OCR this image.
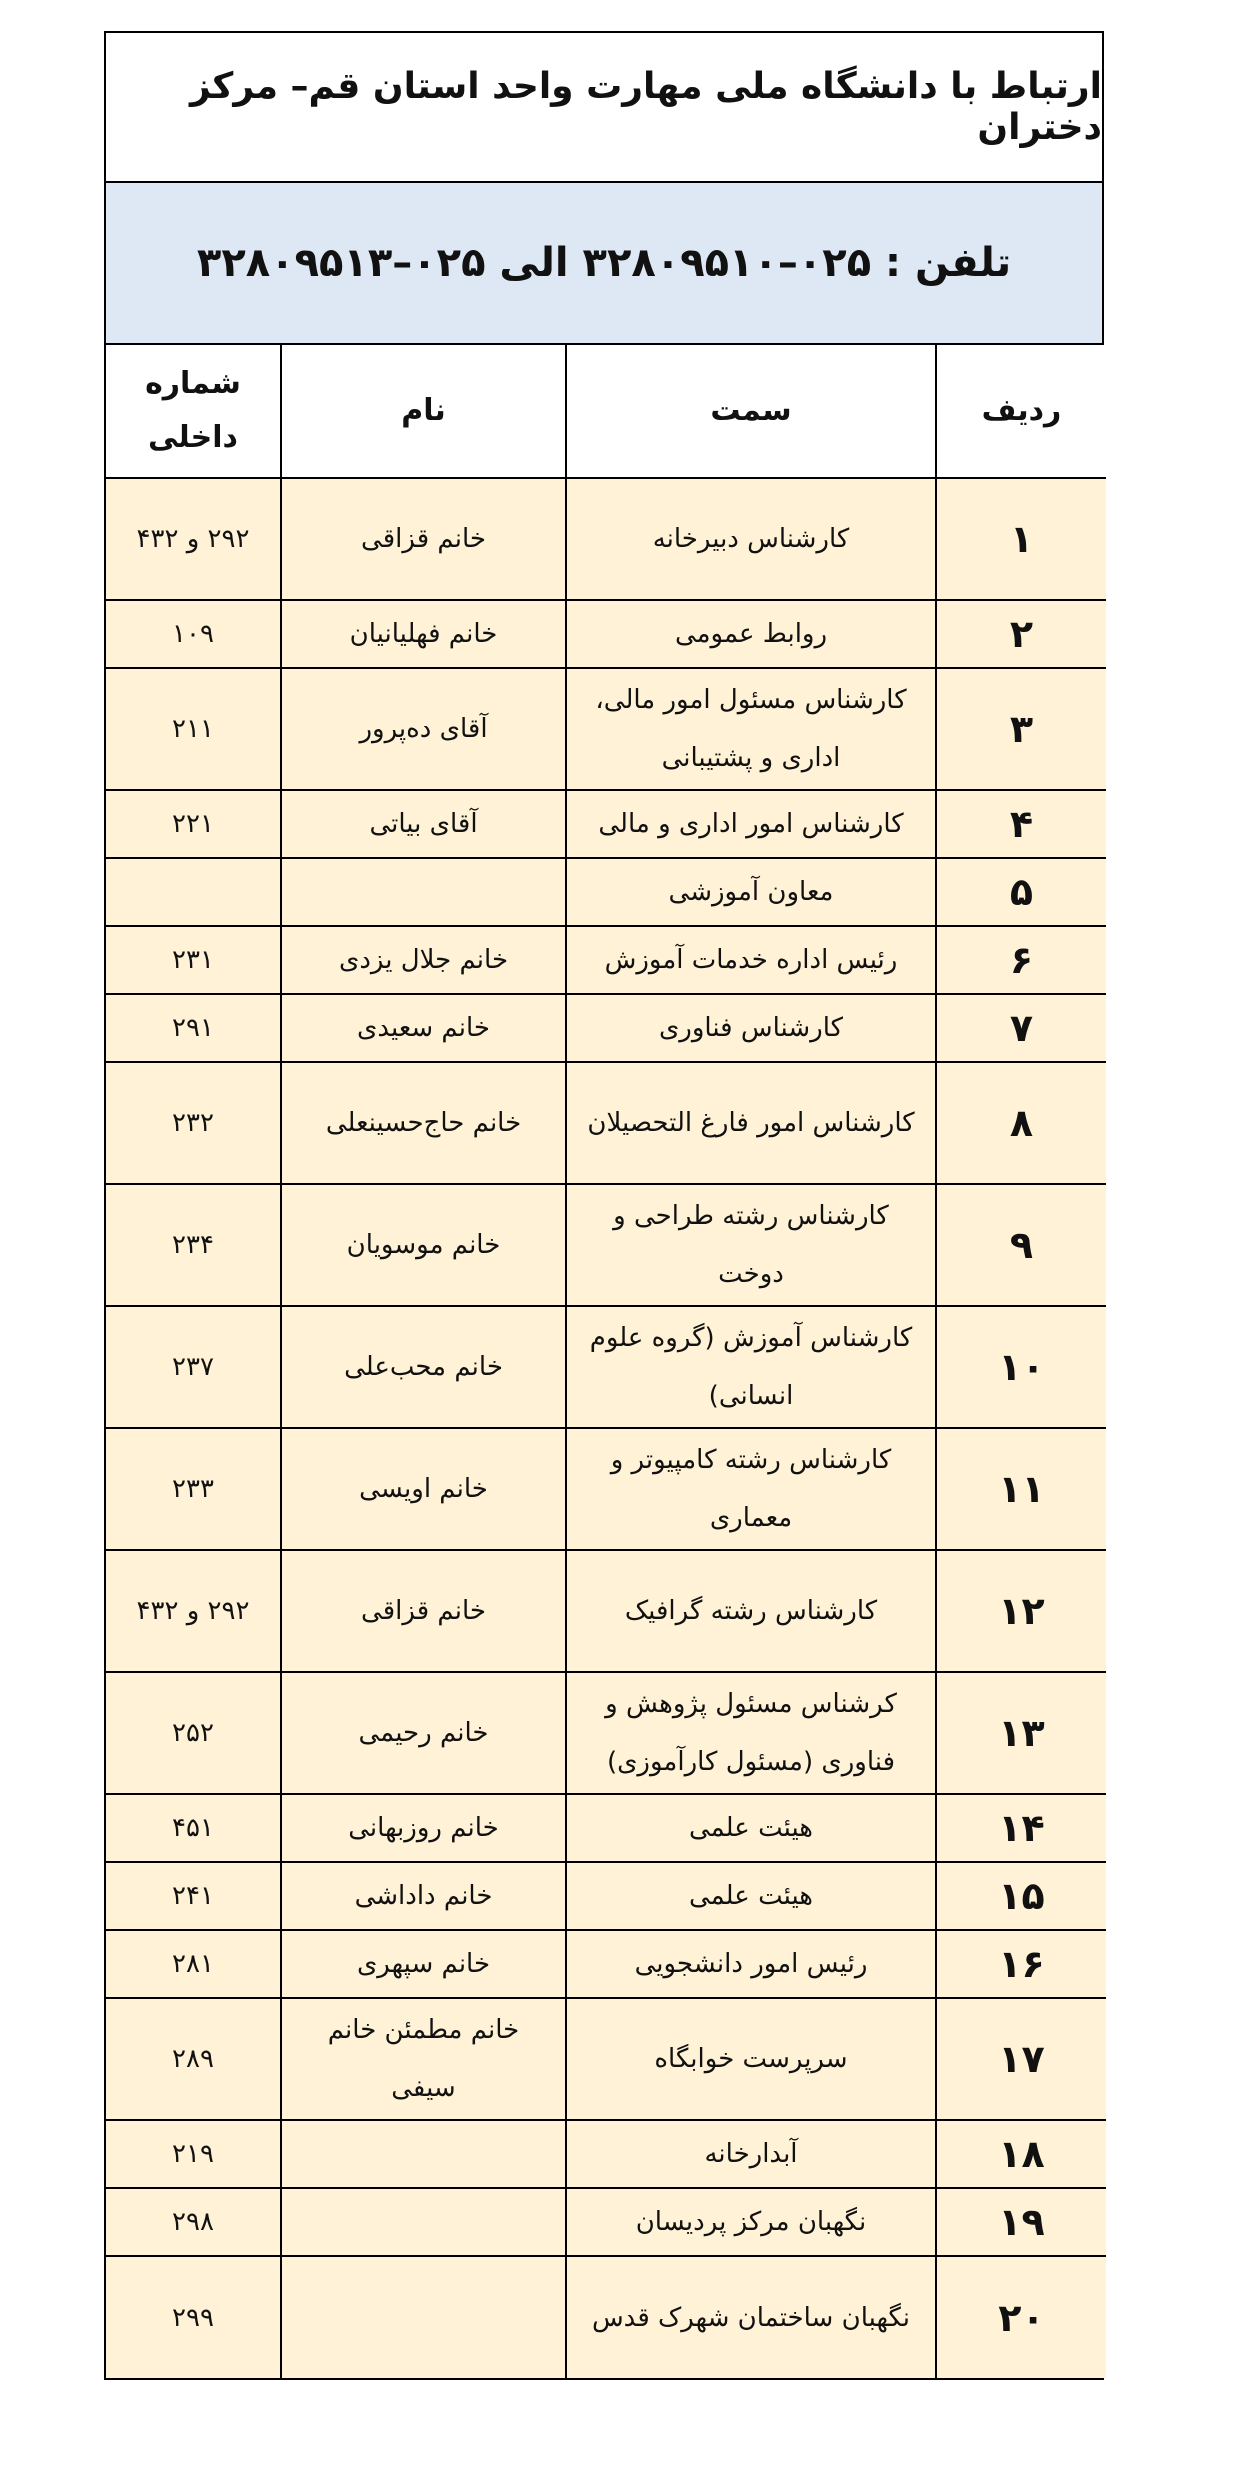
ارتباط با دانشگاه ملی مهارت واحد استان قم– مرکز دختران
تلفن : ۰۲۵–۳۲۸۰۹۵۱۰ الی ۰۲۵–۳۲۸۰۹۵۱۳
ردیف	سمت	نام	شماره داخلی
۱	کارشناس دبیرخانه	خانم قزاقی	۲۹۲ و ۴۳۲
۲	روابط عمومی	خانم فهلیانیان	۱۰۹
۳	کارشناس مسئول امور مالی، اداری و پشتیبانی	آقای ده‌پرور	۲۱۱
۴	کارشناس امور اداری و مالی	آقای بیاتی	۲۲۱
۵	معاون آموزشی		
۶	رئیس اداره خدمات آموزش	خانم جلال یزدی	۲۳۱
۷	کارشناس فناوری	خانم سعیدی	۲۹۱
۸	کارشناس امور فارغ التحصیلان	خانم حاج‌حسینعلی	۲۳۲
۹	کارشناس رشته طراحی و دوخت	خانم موسویان	۲۳۴
۱۰	کارشناس آموزش (گروه علوم انسانی)	خانم محب‌علی	۲۳۷
۱۱	کارشناس رشته کامپیوتر و معماری	خانم اویسی	۲۳۳
۱۲	کارشناس رشته گرافیک	خانم قزاقی	۲۹۲ و ۴۳۲
۱۳	کرشناس مسئول پژوهش و فناوری (مسئول کارآموزی)	خانم رحیمی	۲۵۲
۱۴	هیئت علمی	خانم روزبهانی	۴۵۱
۱۵	هیئت علمی	خانم داداشی	۲۴۱
۱۶	رئیس امور دانشجویی	خانم سپهری	۲۸۱
۱۷	سرپرست خوابگاه	خانم مطمئن خانم سیفی	۲۸۹
۱۸	آبدارخانه		۲۱۹
۱۹	نگهبان مرکز پردیسان		۲۹۸
۲۰	نگهبان ساختمان شهرک قدس		۲۹۹
